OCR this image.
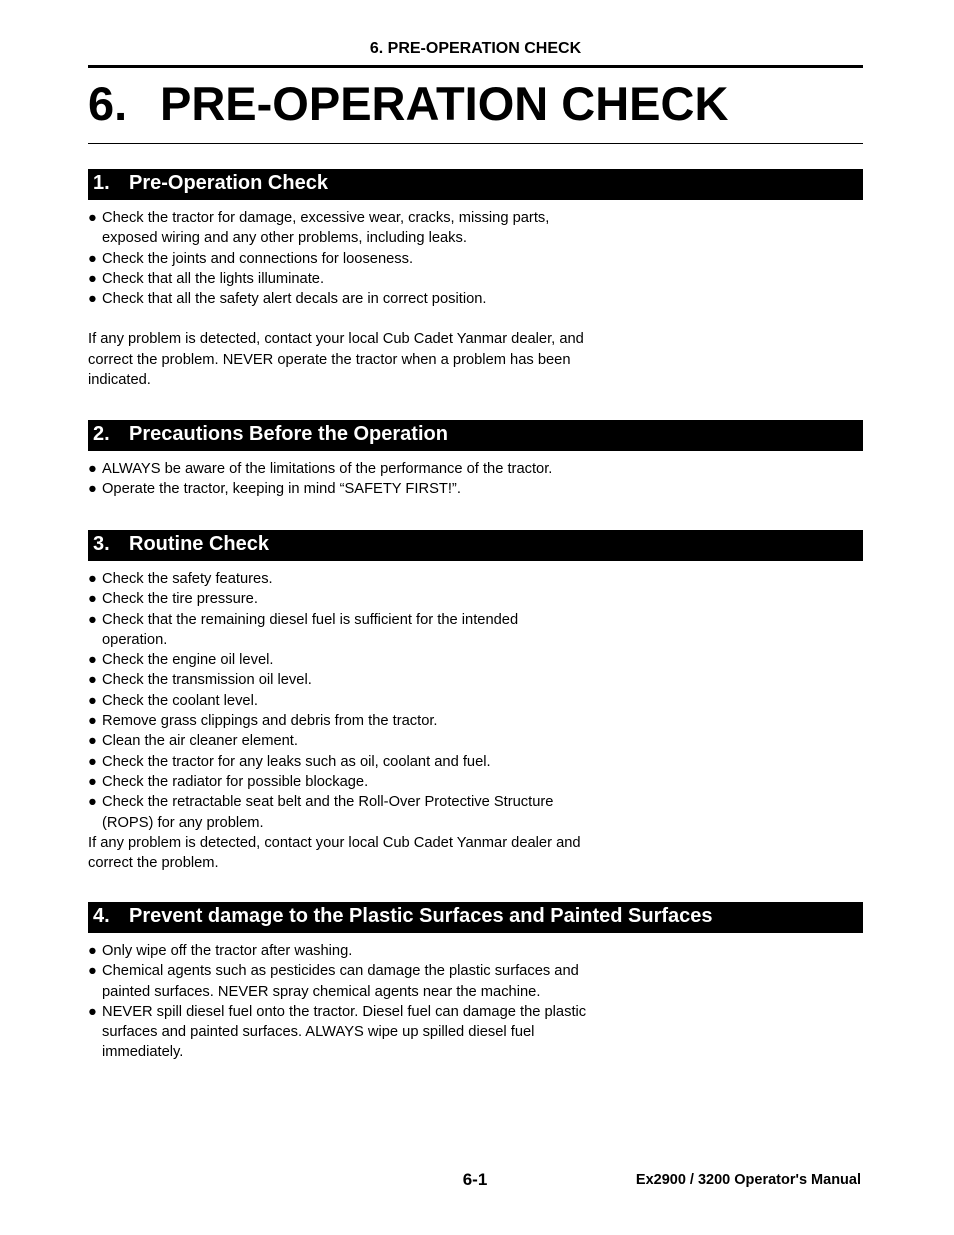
6. PRE-OPERATION CHECK
6. PRE-OPERATION CHECK
1. Pre-Operation Check
● Check the tractor for damage, excessive wear, cracks, missing parts, exposed wiring and any other problems, including leaks.
● Check the joints and connections for looseness.
● Check that all the lights illuminate.
● Check that all the safety alert decals are in correct position.

If any problem is detected, contact your local Cub Cadet Yanmar dealer, and correct the problem. NEVER operate the tractor when a problem has been indicated.

2. Precautions Before the Operation
● ALWAYS be aware of the limitations of the performance of the tractor.
● Operate the tractor, keeping in mind “SAFETY FIRST!”.
3. Routine Check
● Check the safety features.
● Check the tire pressure.
● Check that the remaining diesel fuel is sufficient for the intended operation.
● Check the engine oil level.
● Check the transmission oil level.
● Check the coolant level.
● Remove grass clippings and debris from the tractor.
● Clean the air cleaner element.
● Check the tractor for any leaks such as oil, coolant and fuel.
● Check the radiator for possible blockage.
● Check the retractable seat belt and the Roll-Over Protective Structure (ROPS) for any problem.

If any problem is detected, contact your local Cub Cadet Yanmar dealer and correct the problem.

4. Prevent damage to the Plastic Surfaces and Painted Surfaces
● Only wipe off the tractor after washing.
● Chemical agents such as pesticides can damage the plastic surfaces and painted surfaces. NEVER spray chemical agents near the machine.
● NEVER spill diesel fuel onto the tractor. Diesel fuel can damage the plastic surfaces and painted surfaces. ALWAYS wipe up spilled diesel fuel immediately.
6-1	Ex2900 / 3200 Operator's Manual
